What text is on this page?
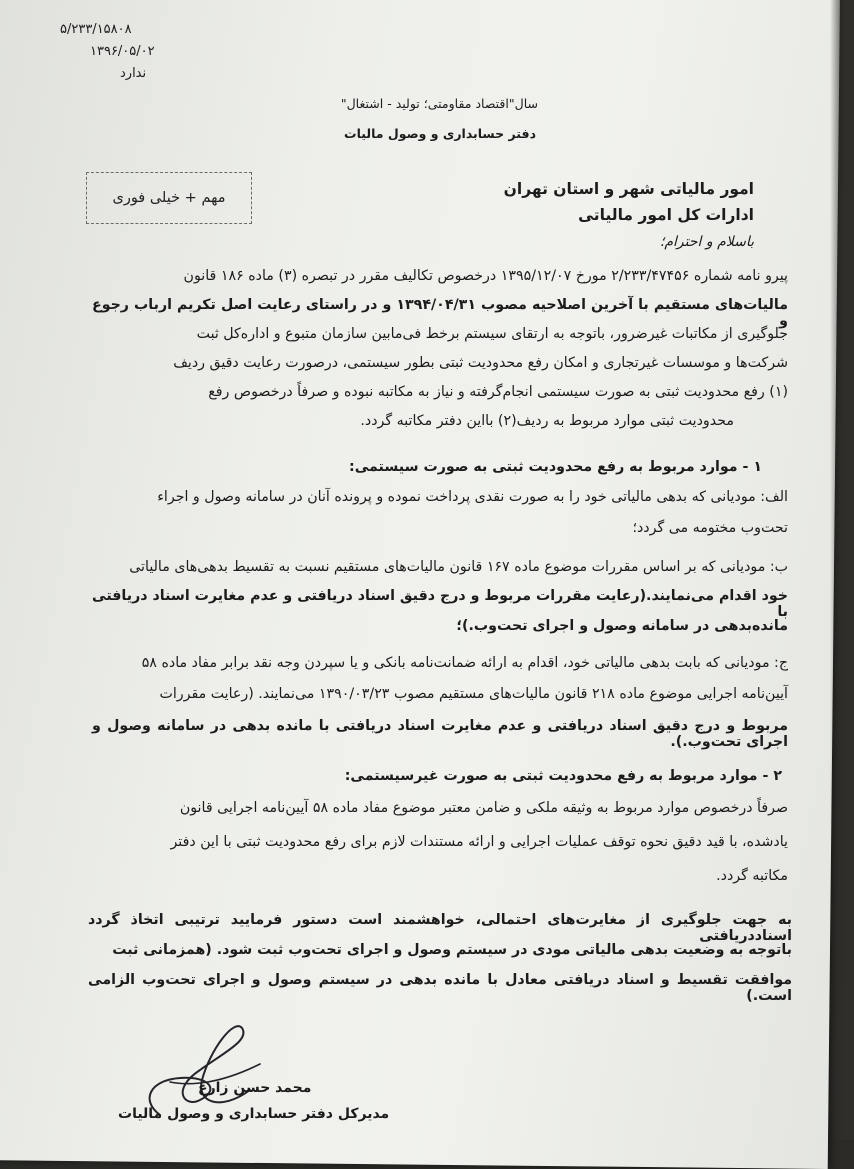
۵/۲۳۳/۱۵۸۰۸
۱۳۹۶/۰۵/۰۲
ندارد
سال"اقتصاد مقاومتی؛ تولید - اشتغال"
دفتر حسابداری و وصول مالیات
مهم + خیلی فوری	امور مالیاتی شهر و استان تهران
ادارات کل امور مالیاتی
باسلام و احترام؛
پیرو نامه شماره ۲/۲۳۳/۴۷۴۵۶ مورخ ۱۳۹۵/۱۲/۰۷ درخصوص تکالیف مقرر در تبصره (۳) ماده ۱۸۶ قانون
مالیات‌های مستقیم با آخرین اصلاحیه مصوب ۱۳۹۴/۰۴/۳۱ و در راستای رعایت اصل تکریم ارباب رجوع و
جلوگیری از مکاتبات غیرضرور، باتوجه به ارتقای سیستم برخط فی‌مابین سازمان متبوع و اداره‌کل ثبت
شرکت‌ها و موسسات غیرتجاری و امکان رفع محدودیت ثبتی بطور سیستمی، درصورت رعایت دقیق ردیف
(۱) رفع محدودیت ثبتی به صورت سیستمی انجام‌گرفته و نیاز به مکاتبه نبوده و صرفاً درخصوص رفع
محدودیت ثبتی موارد مربوط به ردیف(۲) بااین دفتر مکاتبه گردد.
۱ - موارد مربوط به رفع محدودیت ثبتی به صورت سیستمی:
الف: مودیانی که بدهی مالیاتی خود را به صورت نقدی پرداخت نموده و پرونده آنان در سامانه وصول و اجراء
تحت‌وب مختومه می گردد؛
ب: مودیانی که بر اساس مقررات موضوع ماده ۱۶۷ قانون مالیات‌های مستقیم نسبت به تقسیط بدهی‌های مالیاتی
خود اقدام می‌نمایند.(رعایت مقررات مربوط و درج دقیق اسناد دریافتی و عدم مغایرت اسناد دریافتی با
مانده‌بدهی در سامانه وصول و اجرای تحت‌وب.)؛
ج: مودیانی که بابت بدهی مالیاتی خود، اقدام به ارائه ضمانت‌نامه بانکی و یا سپردن وجه نقد برابر مفاد ماده ۵۸
آیین‌نامه اجرایی موضوع ماده ۲۱۸ قانون مالیات‌های مستقیم مصوب ۱۳۹۰/۰۳/۲۳ می‌نمایند. (رعایت مقررات
مربوط و درج دقیق اسناد دریافتی و عدم مغایرت اسناد دریافتی با مانده بدهی در سامانه وصول و اجرای تحت‌وب.).
۲ - موارد مربوط به رفع محدودیت ثبتی به صورت غیرسیستمی:
صرفاً درخصوص موارد مربوط به وثیقه ملکی و ضامن معتبر موضوع مفاد ماده ۵۸ آیین‌نامه اجرایی قانون
یادشده، با قید دقیق نحوه توقف عملیات اجرایی و ارائه مستندات لازم برای رفع محدودیت ثبتی با این دفتر
مکاتبه گردد.
به جهت جلوگیری از مغایرت‌های احتمالی، خواهشمند است دستور فرمایید ترتیبی اتخاذ گردد اسناددریافتی
باتوجه به وضعیت بدهی مالیاتی مودی در سیستم وصول و اجرای تحت‌وب ثبت شود. (همزمانی ثبت
موافقت تقسیط و اسناد دریافتی معادل با مانده بدهی در سیستم وصول و اجرای تحت‌وب الزامی است.)
محمد حسن زارع
مدیرکل دفتر حسابداری و وصول مالیات
